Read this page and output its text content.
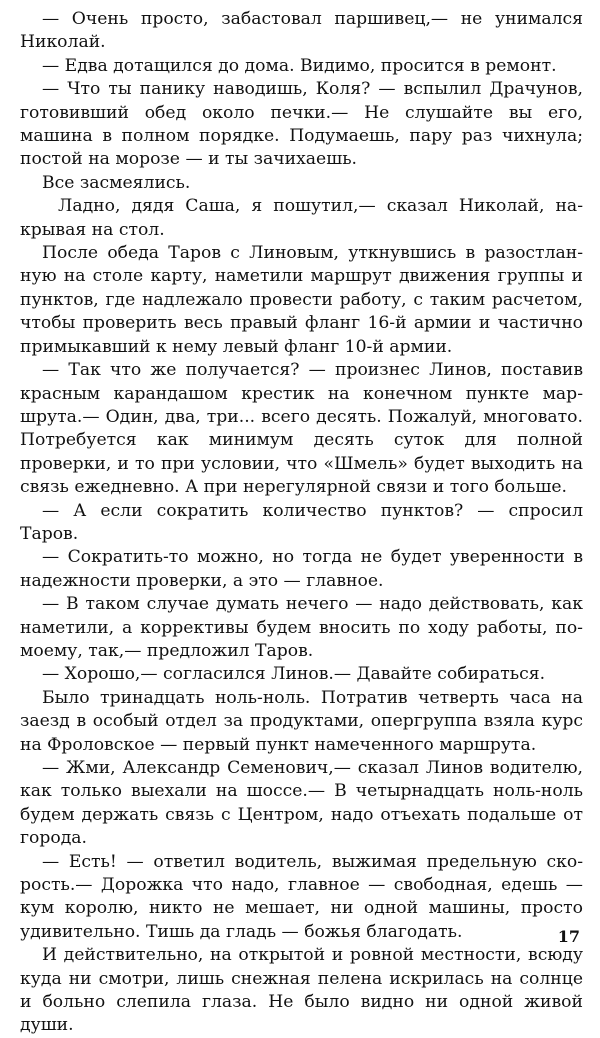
— Очень просто, забастовал паршивец,— не унимался Николай.

— Едва дотащился до дома. Видимо, просится в ремонт.

— Что ты панику наводишь, Коля? — вспылил Драчунов, готовивший обед около печки.— Не слушайте вы его, машина в полном порядке. Подумаешь, пару раз чихнула; постой на морозе — и ты зачихаешь.

Все засмеялись.

Ладно, дядя Саша, я пошутил,— сказал Николай, накрывая на стол.

После обеда Таров с Линовым, уткнувшись в разостланную на столе карту, наметили маршрут движения группы и пунктов, где надлежало провести работу, с таким расчетом, чтобы проверить весь правый фланг 16-й армии и частично примыкавший к нему левый фланг 10-й армии.

— Так что же получается? — произнес Линов, поставив красным карандашом крестик на конечном пункте маршрута.— Один, два, три... всего десять. Пожалуй, многовато. Потребуется как минимум десять суток для полной проверки, и то при условии, что «Шмель» будет выходить на связь ежедневно. А при нерегулярной связи и того больше.

— А если сократить количество пунктов? — спросил Таров.

— Сократить-то можно, но тогда не будет уверенности в надежности проверки, а это — главное.

— В таком случае думать нечего — надо действовать, как наметили, а коррективы будем вносить по ходу работы, по-моему, так,— предложил Таров.

— Хорошо,— согласился Линов.— Давайте собираться.

Было тринадцать ноль-ноль. Потратив четверть часа на заезд в особый отдел за продуктами, опергруппа взяла курс на Фроловское — первый пункт намеченного маршрута.

— Жми, Александр Семенович,— сказал Линов водителю, как только выехали на шоссе.— В четырнадцать ноль-ноль будем держать связь с Центром, надо отъехать подальше от города.

— Есть! — ответил водитель, выжимая предельную скорость.— Дорожка что надо, главное — свободная, едешь — кум королю, никто не мешает, ни одной машины, просто удивительно. Тишь да гладь — божья благодать.

И действительно, на открытой и ровной местности, всюду куда ни смотри, лишь снежная пелена искрилась на солнце и больно слепила глаза. Не было видно ни одной живой души.

17
